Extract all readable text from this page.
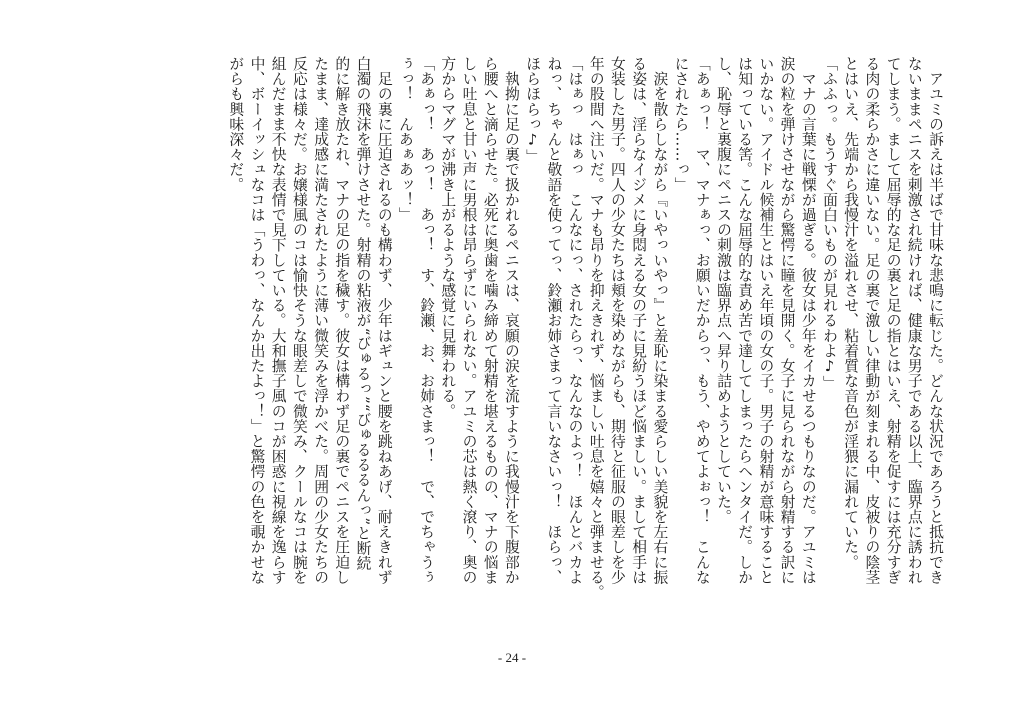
　アユミの訴えは半ばで甘味な悲鳴に転じた。どんな状況であろうと抵抗でき
ないままペニスを刺激され続ければ、健康な男子である以上、臨界点に誘われ
てしまう。まして屈辱的な足の裏と足の指とはいえ、射精を促すには充分すぎ
る肉の柔らかさに違いない。足の裏で激しい律動が刻まれる中、皮被りの陰茎
とはいえ、先端から我慢汁を溢れさせ、粘着質な音色が淫猥に漏れていた。
「ふふっ。もうすぐ面白いものが見れるわよ♪」
　マナの言葉に戦慄が過ぎる。彼女は少年をイカせるつもりなのだ。アユミは
涙の粒を弾けさせながら驚愕に瞳を見開く。女子に見られながら射精する訳に
いかない。アイドル候補生とはいえ年頃の女の子。男子の射精が意味すること
は知っている筈。こんな屈辱的な責め苦で達してしまったらヘンタイだ。しか
し、恥辱と裏腹にペニスの刺激は臨界点へ昇り詰めようとしていた。
「あぁっ！　マ、マナぁっ、お願いだからっ、もう、やめてよぉっ！　こんな
にされたら……っ」
　涙を散らしながら『いやっいやっ』と羞恥に染まる愛らしい美貌を左右に振
る姿は、淫らなイジメに身悶える女の子に見紛うほど悩ましい。まして相手は
女装した男子。四人の少女たちは頬を染めながらも、期待と征服の眼差しを少
年の股間へ注いだ。マナも昂りを抑えきれず、悩ましい吐息を嬉々と弾ませる。
「はぁっ　はぁっ　こんなにっ、されたらっ、なんなのよっ！　ほんとバカよ
ねっ、ちゃんと敬語を使ってっ、鈴瀬お姉さまって言いなさいっ！　ほらっ、
ほらほらっ♪」
　執拗に足の裏で扱かれるペニスは、哀願の涙を流すように我慢汁を下腹部か
ら腰へと滴らせた。必死に奥歯を噛み締めて射精を堪えるものの、マナの悩ま
しい吐息と甘い声に男根は昂らずにいられない。アユミの芯は熱く滾り、奥の
方からマグマが沸き上がるような感覚に見舞われる。
「あぁっ！　あっ！　あっ！　す、鈴瀬、お、お姉さまっ！　で、でちゃうぅ
ぅっ！　んあぁあッ！」
　足の裏に圧迫されるのも構わず、少年はギュンと腰を跳ねあげ、耐えきれず
白濁の飛沫を弾けさせた。射精の粘液が“びゅるっ”“びゅるるるんっ”と断続
的に解き放たれ、マナの足の指を穢す。彼女は構わず足の裏でペニスを圧迫し
たまま、達成感に満たされたように薄い微笑みを浮かべた。周囲の少女たちの
反応は様々だ。お嬢様風のコは愉快そうな眼差しで微笑み、クールなコは腕を
組んだまま不快な表情で見下している。大和撫子風のコが困惑に視線を逸らす
中、ボーイッシュなコは「うわっ、なんか出たよっ！」と驚愕の色を覗かせな
がらも興味深々だ。
- 24 -
